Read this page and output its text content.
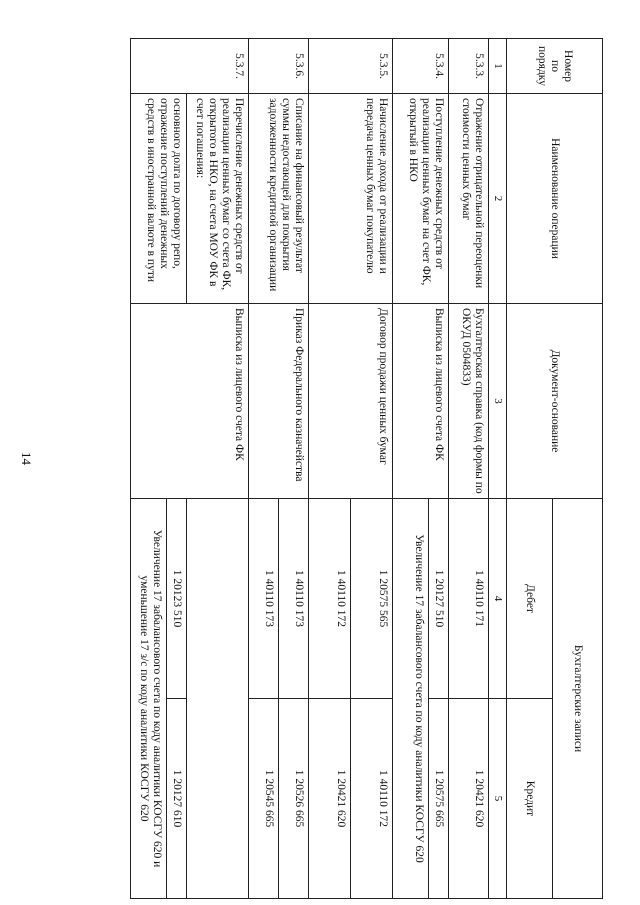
14
Номер по порядку	Наименование операции	Документ-основание	Бухгалтерские записи	
			Дебет	Кредит
1	2	3	4	5
5.3.3.	Отражение отрицательной переоценки стоимости ценных бумаг	Бухгалтерская справка (код формы по ОКУД 0504833)	1 40110 171	1 20421 620
5.3.4.	Поступление денежных средств от реализации ценных бумаг на счет ФК, открытый в НКО	Выписка из лицевого счета ФК	1 20127 510	1 20575 665
			Увеличение 17 забалансового счета по коду аналитики КОСГУ 620	
5.3.5.	Начисление дохода от реализации и передача ценных бумаг покупателю	Договор продажи ценных бумаг	1 20575 565	1 40110 172
			1 40110 172	1 20421 620
5.3.6.	Списание на финансовый результат суммы недостающей для покрытия задолженности кредитной организации	Приказ Федерального казначейства	1 40110 173	1 20526 665
			1 40110 173	1 20545 665
5.3.7.	Перечисление денежных средств от реализации ценных бумаг со счета ФК, открытого в НКО, на счета МОУ ФК в счет погашения:	Выписка из лицевого счета ФК		
	основного долга по договору репо, отражение поступлений денежных средств в иностранной валюте в пути		1 20123 510	1 20127 610
			Увеличение 17 забалансового счета по коду аналитики КОСГУ 620 и уменьшение 17 з/с по коду аналитики КОСГУ 620	
